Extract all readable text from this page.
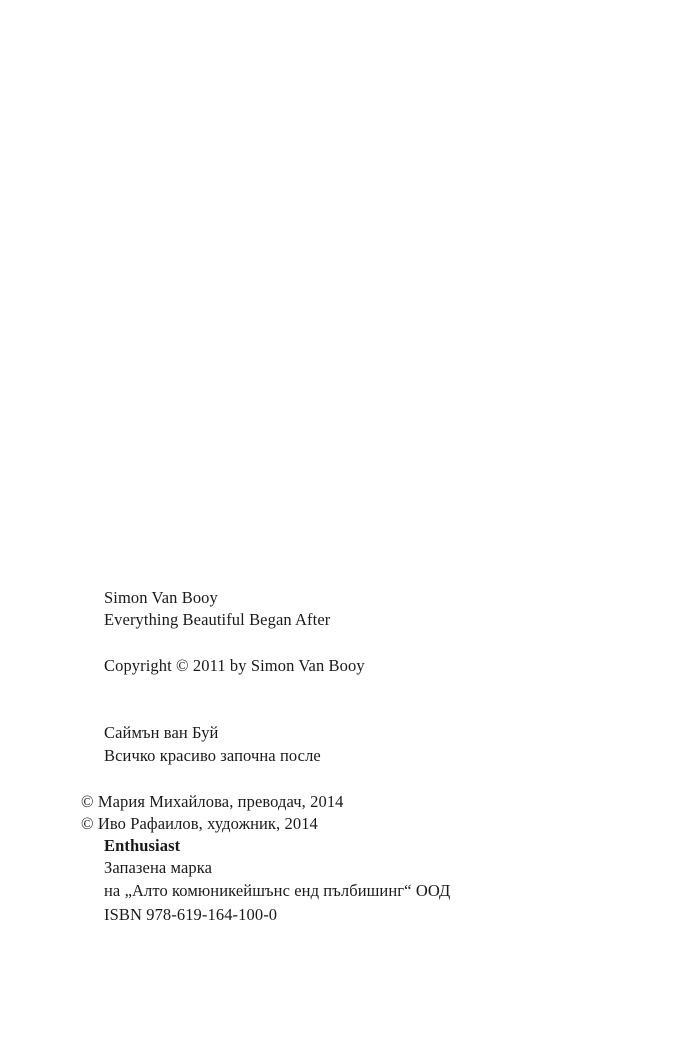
Simon Van Booy
Everything Beautiful Began After
Copyright © 2011 by Simon Van Booy
Саймън ван Буй
Всичко красиво започна после
© Мария Михайлова, преводач, 2014
© Иво Рафаилов, художник, 2014
Enthusiast
Запазена марка
на „Алто комюникейшънс енд пълбишинг“ ООД
ISBN 978-619-164-100-0
